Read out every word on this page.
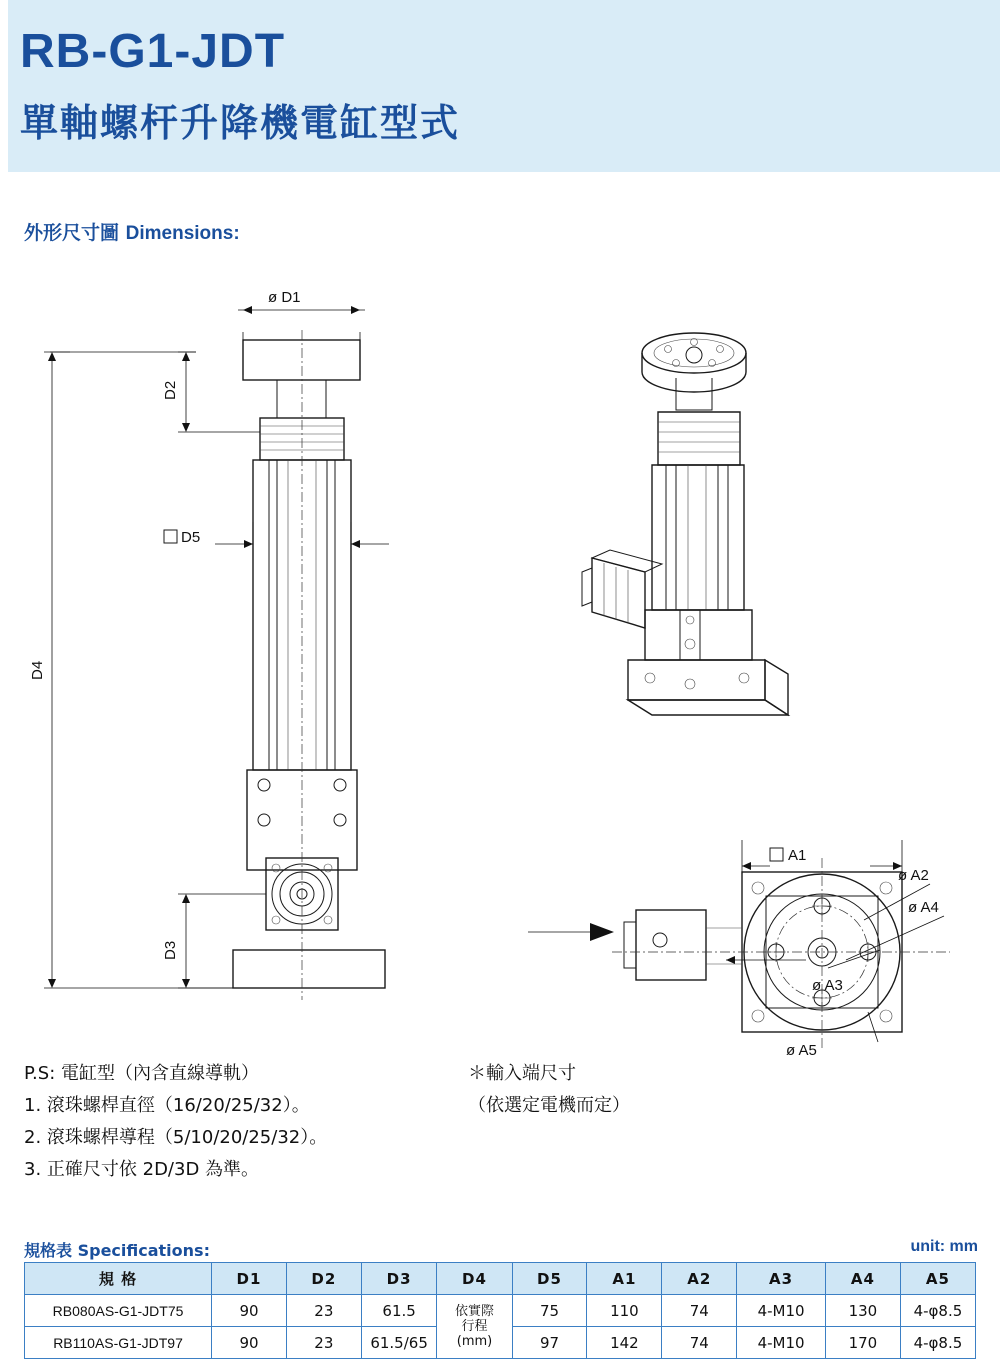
RB-G1-JDT
單軸螺杆升降機電缸型式
外形尺寸圖 Dimensions:
ø D1
D2
D4
D3
D5
A1
ø A2
ø A3
ø A4
ø A5
P.S: 電缸型（內含直線導軌）
1. 滾珠螺桿直徑（16/20/25/32）。
2. 滾珠螺桿導程（5/10/20/25/32）。
3. 正確尺寸依 2D/3D 為準。
＊輸入端尺寸
（依選定電機而定）
規格表 Specifications:	unit: mm
規 格	D1	D2	D3	D4	D5	A1	A2	A3	A4	A5
RB080AS-G1-JDT75	90	23	61.5	依實際
行程
(mm)	75	110	74	4-M10	130	4-φ8.5
RB110AS-G1-JDT97	90	23	61.5/65		97	142	74	4-M10	170	4-φ8.5
